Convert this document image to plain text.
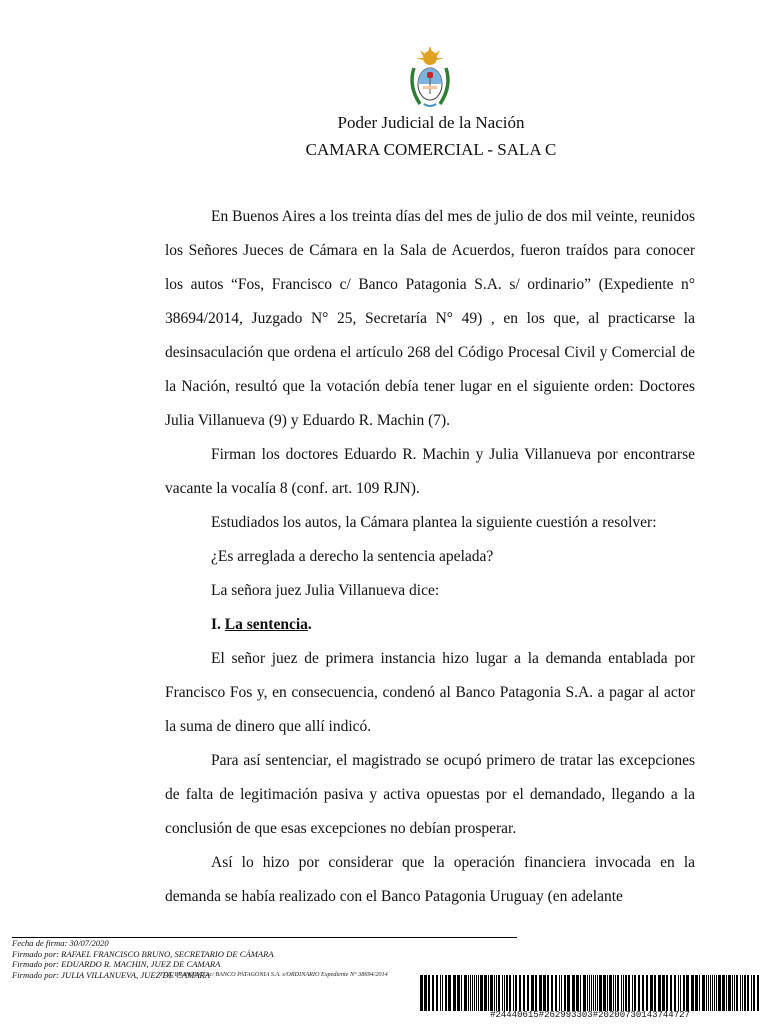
Poder Judicial de la Nación
CAMARA COMERCIAL - SALA C

En Buenos Aires a los treinta días del mes de julio de dos mil veinte, reunidos los Señores Jueces de Cámara en la Sala de Acuerdos, fueron traídos para conocer los autos “Fos, Francisco c/ Banco Patagonia S.A. s/ ordinario” (Expediente n° 38694/2014, Juzgado N° 25, Secretaría N° 49) , en los que, al practicarse la desinsaculación que ordena el artículo 268 del Código Procesal Civil y Comercial de la Nación, resultó que la votación debía tener lugar en el siguiente orden: Doctores Julia Villanueva (9) y Eduardo R. Machin (7).

Firman los doctores Eduardo R. Machin y Julia Villanueva por encontrarse vacante la vocalía 8 (conf. art. 109 RJN).

Estudiados los autos, la Cámara plantea la siguiente cuestión a resolver:

¿Es arreglada a derecho la sentencia apelada?

La señora juez Julia Villanueva dice:

I. La sentencia.

El señor juez de primera instancia hizo lugar a la demanda entablada por Francisco Fos y, en consecuencia, condenó al Banco Patagonia S.A. a pagar al actor la suma de dinero que allí indicó.

Para así sentenciar, el magistrado se ocupó primero de tratar las excepciones de falta de legitimación pasiva y activa opuestas por el demandado, llegando a la conclusión de que esas excepciones no debían prosperar.

Así lo hizo por considerar que la operación financiera invocada en la demanda se había realizado con el Banco Patagonia Uruguay (en adelante

Fecha de firma: 30/07/2020
Firmado por: RAFAEL FRANCISCO BRUNO, SECRETARIO DE CÁMARA
Firmado por: EDUARDO R. MACHIN, JUEZ DE CAMARA
Firmado por: JULIA VILLANUEVA, JUEZ DE CAMARA
FOS, FRANCISCO c/ BANCO PATAGONIA S.A. s/ORDINARIO Expediente N° 38694/2014
#24440615#262993303#20200730143744727
